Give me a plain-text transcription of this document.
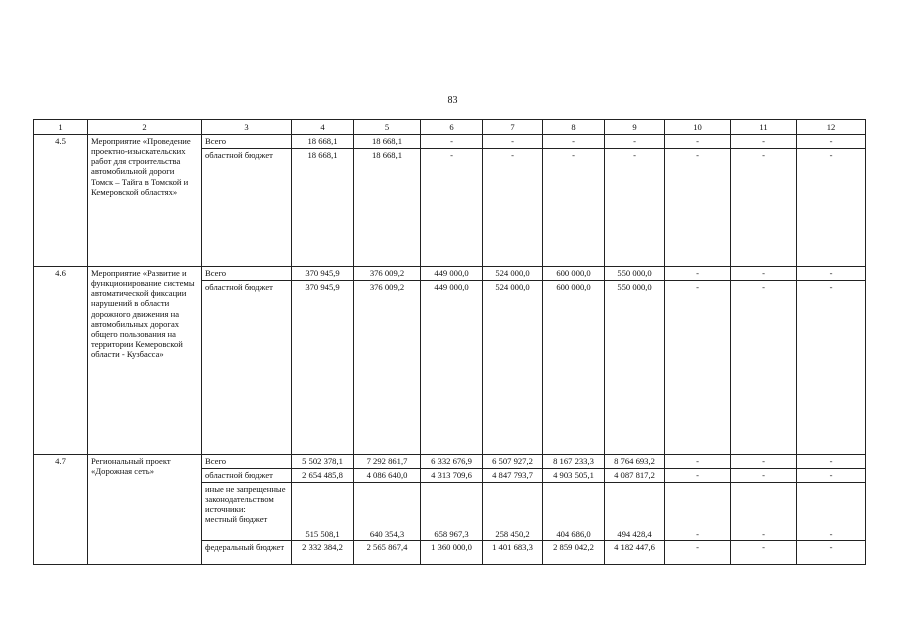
83
1	2	3	4	5	6	7	8	9	10	11	12
4.5	Мероприятие «Проведение проектно-изыскательских работ для строительства автомобильной дороги Томск – Тайга в Томской и Кемеровской областях»	Всего	18 668,1	18 668,1	-	-	-	-	-	-	-
		областной бюджет	18 668,1	18 668,1	-	-	-	-	-	-	-
4.6	Мероприятие «Развитие и функционирование системы автоматической фиксации нарушений в области дорожного движения на автомобильных дорогах общего пользования на территории Кемеровской области - Кузбасса»	Всего	370 945,9	376 009,2	449 000,0	524 000,0	600 000,0	550 000,0	-	-	-
		областной бюджет	370 945,9	376 009,2	449 000,0	524 000,0	600 000,0	550 000,0	-	-	-
4.7	Региональный проект «Дорожная сеть»	Всего	5 502 378,1	7 292 861,7	6 332 676,9	6 507 927,2	8 167 233,3	8 764 693,2	-	-	-
		областной бюджет	2 654 485,8	4 086 640,0	4 313 709,6	4 847 793,7	4 903 505,1	4 087 817,2	-	-	-

		иные не запрещенные законодательством источники:
местный бюджет	515 508,1	640 354,3	658 967,3	258 450,2	404 686,0	494 428,4	-	-	-
		федеральный бюджет	2 332 384,2	2 565 867,4	1 360 000,0	1 401 683,3	2 859 042,2	4 182 447,6	-	-	-
